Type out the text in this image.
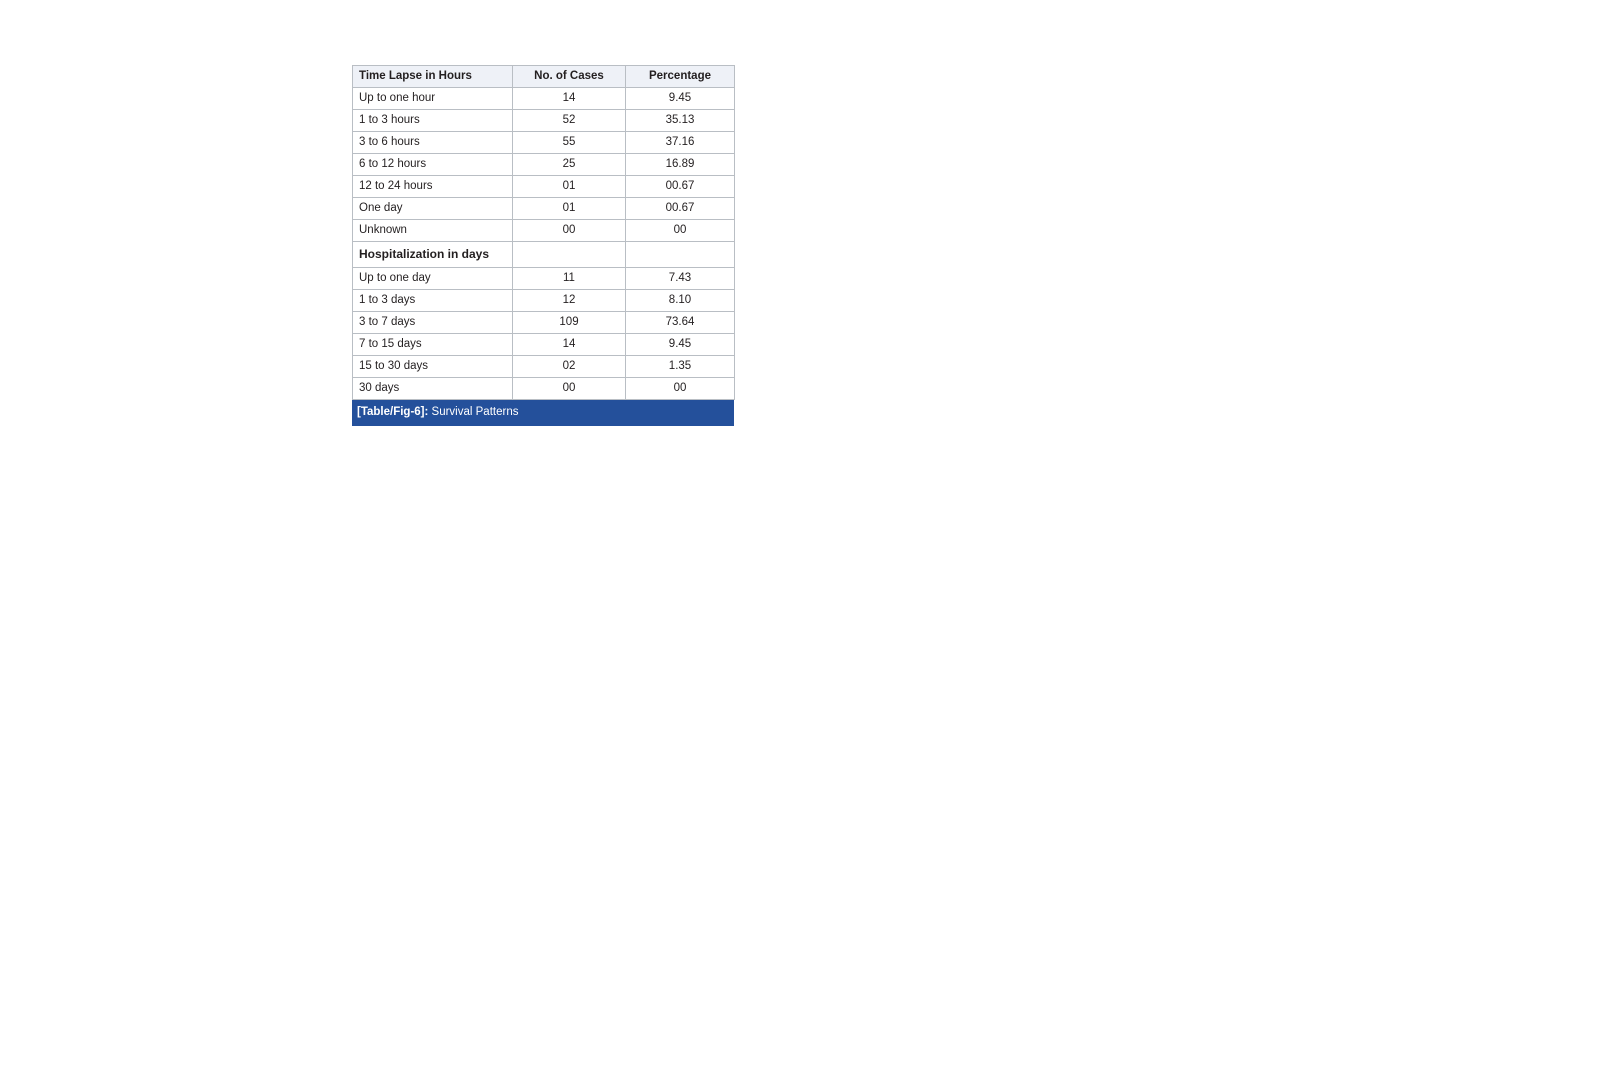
Time Lapse in Hours	No. of Cases	Percentage
Up to one hour	14	9.45
1 to 3 hours	52	35.13
3 to 6 hours	55	37.16
6 to 12 hours	25	16.89
12 to 24 hours	01	00.67
One day	01	00.67
Unknown	00	00
Hospitalization in days		
Up to one day	11	7.43
1 to 3 days	12	8.10
3 to 7 days	109	73.64
7 to 15 days	14	9.45
15 to 30 days	02	1.35
30 days	00	00
[Table/Fig-6]: Survival Patterns
